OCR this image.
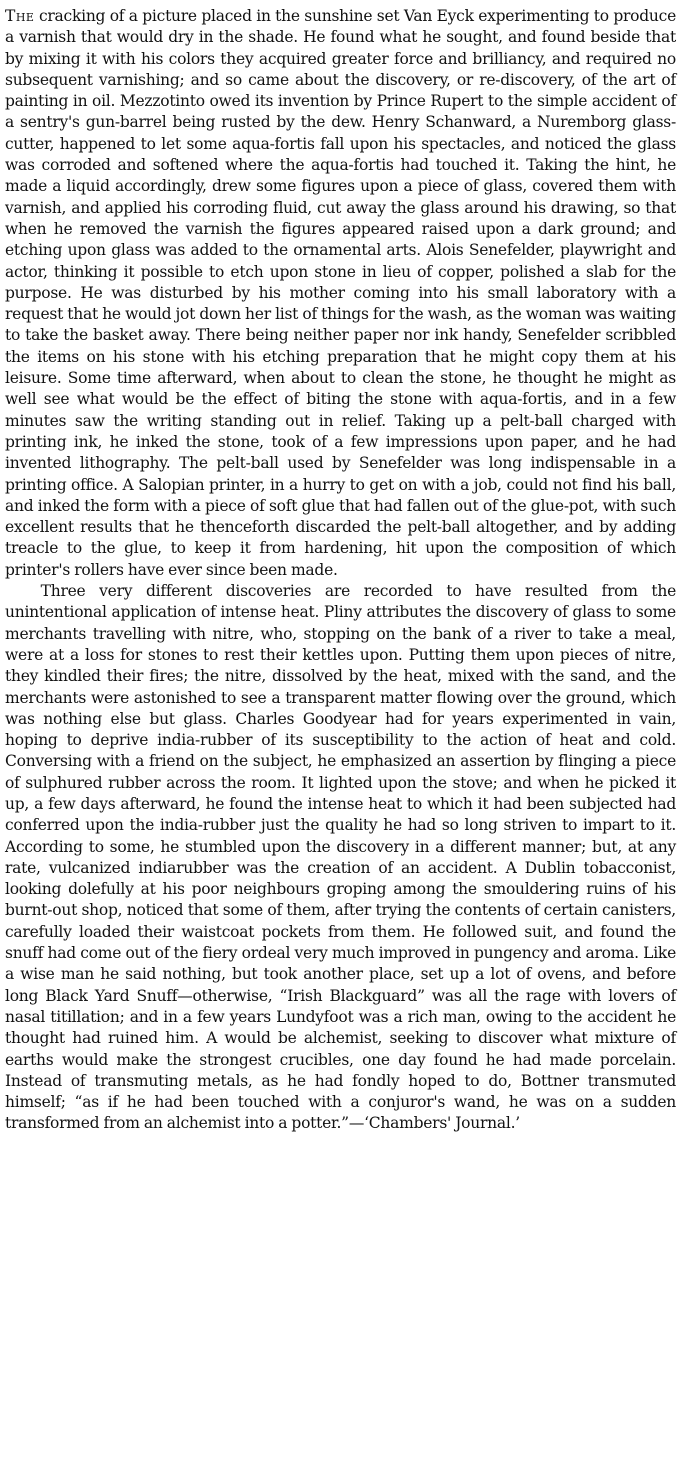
The cracking of a picture placed in the sunshine set Van Eyck experimenting to produce a varnish that would dry in the shade. He found what he sought, and found beside that by mixing it with his colors they acquired greater force and brilliancy, and required no subsequent varnishing; and so came about the discovery, or re-discovery, of the art of painting in oil. Mezzotinto owed its invention by Prince Rupert to the simple accident of a sentry's gun-barrel being rusted by the dew. Henry Schanward, a Nuremborg glass-cutter, happened to let some aqua-fortis fall upon his spectacles, and noticed the glass was corroded and softened where the aqua-fortis had touched it. Taking the hint, he made a liquid accordingly, drew some figures upon a piece of glass, covered them with varnish, and applied his corroding fluid, cut away the glass around his drawing, so that when he removed the varnish the figures appeared raised upon a dark ground; and etching upon glass was added to the ornamental arts. Alois Senefelder, playwright and actor, thinking it possible to etch upon stone in lieu of copper, polished a slab for the purpose. He was disturbed by his mother coming into his small laboratory with a request that he would jot down her list of things for the wash, as the woman was waiting to take the basket away. There being neither paper nor ink handy, Senefelder scribbled the items on his stone with his etching preparation that he might copy them at his leisure. Some time afterward, when about to clean the stone, he thought he might as well see what would be the effect of biting the stone with aqua-fortis, and in a few minutes saw the writing standing out in relief. Taking up a pelt-ball charged with printing ink, he inked the stone, took of a few impressions upon paper, and he had invented lithography. The pelt-ball used by Senefelder was long indispensable in a printing office. A Salopian printer, in a hurry to get on with a job, could not find his ball, and inked the form with a piece of soft glue that had fallen out of the glue-pot, with such excellent results that he thenceforth discarded the pelt-ball altogether, and by adding treacle to the glue, to keep it from hardening, hit upon the composition of which printer's rollers have ever since been made.

Three very different discoveries are recorded to have resulted from the unintentional application of intense heat. Pliny attributes the discovery of glass to some merchants travelling with nitre, who, stopping on the bank of a river to take a meal, were at a loss for stones to rest their kettles upon. Putting them upon pieces of nitre, they kindled their fires; the nitre, dissolved by the heat, mixed with the sand, and the merchants were astonished to see a transparent matter flowing over the ground, which was nothing else but glass. Charles Goodyear had for years experimented in vain, hoping to deprive india-rubber of its susceptibility to the action of heat and cold. Conversing with a friend on the subject, he emphasized an assertion by flinging a piece of sulphured rubber across the room. It lighted upon the stove; and when he picked it up, a few days afterward, he found the intense heat to which it had been subjected had conferred upon the india-rubber just the quality he had so long striven to impart to it. According to some, he stumbled upon the discovery in a different manner; but, at any rate, vulcanized indiarubber was the creation of an accident. A Dublin tobacconist, looking dolefully at his poor neighbours groping among the smouldering ruins of his burnt-out shop, noticed that some of them, after trying the contents of certain canisters, carefully loaded their waistcoat pockets from them. He followed suit, and found the snuff had come out of the fiery ordeal very much improved in pungency and aroma. Like a wise man he said nothing, but took another place, set up a lot of ovens, and before long Black Yard Snuff—otherwise, “Irish Blackguard” was all the rage with lovers of nasal titillation; and in a few years Lundyfoot was a rich man, owing to the accident he thought had ruined him. A would be alchemist, seeking to discover what mixture of earths would make the strongest crucibles, one day found he had made porcelain. Instead of transmuting metals, as he had fondly hoped to do, Bottner transmuted himself; “as if he had been touched with a conjuror's wand, he was on a sudden transformed from an alchemist into a potter.”—‘Chambers' Journal.’
